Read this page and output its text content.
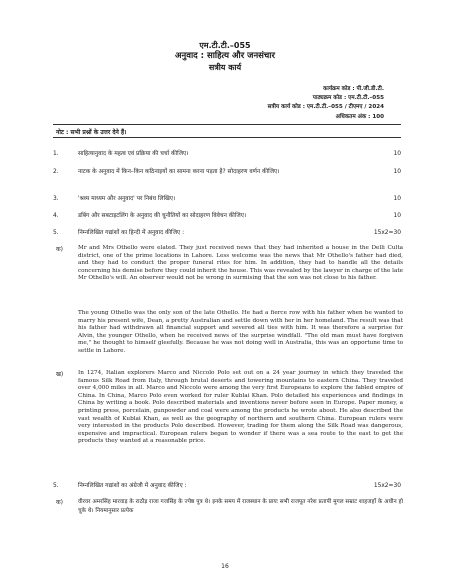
एम.टी.टी.–055
अनुवाद : साहित्य और जनसंचार
सत्रीय कार्य
कार्यक्रम कोड : पी.जी.डी.टी.
पाठ्यक्रम कोड : एम.टी.टी.–055
सत्रीय कार्य कोड : एम.टी.टी.–055 / टीएमए / 2024
अधिकतम अंक : 100
नोट : सभी प्रश्नों के उत्तर देने हैं।
1.	साहित्यानुवाद के महत्व एवं प्रक्रिया की चर्चा कीजिए।	10
2.	नाटक के अनुवाद में किन–किन कठिनाइयों का सामना करना पड़ता है? सोदाहरण वर्णन कीजिए।	10
3.	'श्रव्य माध्यम और अनुवाद' पर निबंध लिखिए।	10
4.	डबिंग और सबटाइटलिंग के अनुवाद की चुनौतियों का सोदाहरण विवेचन कीजिए।	10
5.	निम्नलिखित गद्यांशों का हिन्दी में अनुवाद कीजिए :	15x2=30
क)	Mr and Mrs Othello were elated. They just received news that they had inherited a house in the Delli Culta district, one of the prime locations in Lahore. Less welcome was the news that Mr Othello's father had died, and they had to conduct the proper funeral rites for him. In addition, they had to handle all the details concerning his demise before they could inherit the house. This was revealed by the lawyer in charge of the late Mr Othello's will. An observer would not be wrong in surmising that the son was not close to his father.
The young Othello was the only son of the late Othello. He had a fierce row with his father when he wanted to marry his present wife, Dean, a pretty Australian and settle down with her in her homeland. The result was that his father had withdrawn all financial support and severed all ties with him. It was therefore a surprise for Alvin, the younger Othello, when he received news of the surprise windfall. "The old man must have forgiven me," he thought to himself gleefully. Because he was not doing well in Australia, this was an opportune time to settle in Lahore.
ख)	In 1274, Italian explorers Marco and Niccolo Polo set out on a 24 year journey in which they traveled the famous Silk Road from Italy, through brutal deserts and towering mountains to eastern China. They traveled over 4,000 miles in all. Marco and Niccolo were among the very first Europeans to explore the fabled empire of China. In China, Marco Polo even worked for ruler Kublai Khan. Polo detailed his experiences and findings in China by writing a book. Polo described materials and inventions never before seen in Europe. Paper money, a printing press, porcelain, gunpowder and coal were among the products he wrote about. He also described the vast wealth of Kublai Khan, as well as the geography of northern and southern China. European rulers were very interested in the products Polo described. However, trading for them along the Silk Road was dangerous, expensive and impractical. European rulers began to wonder if there was a sea route to the east to get the products they wanted at a reasonable price.
5.	निम्नलिखित गद्यांशों का अंग्रेजी में अनुवाद कीजिए :	15x2=30
क)	वीरवर अमरसिंह मारवाड़ के राठौड़ राजा गजसिंह के ज्येष्ठ पुत्र थे। इनके समय में राजस्थान के प्रायः सभी राजपूत नरेश प्रतापी मुगल सम्राट शाहजहाँ के अधीन हो चुके थे। नियमानुसार प्रत्येक
16
